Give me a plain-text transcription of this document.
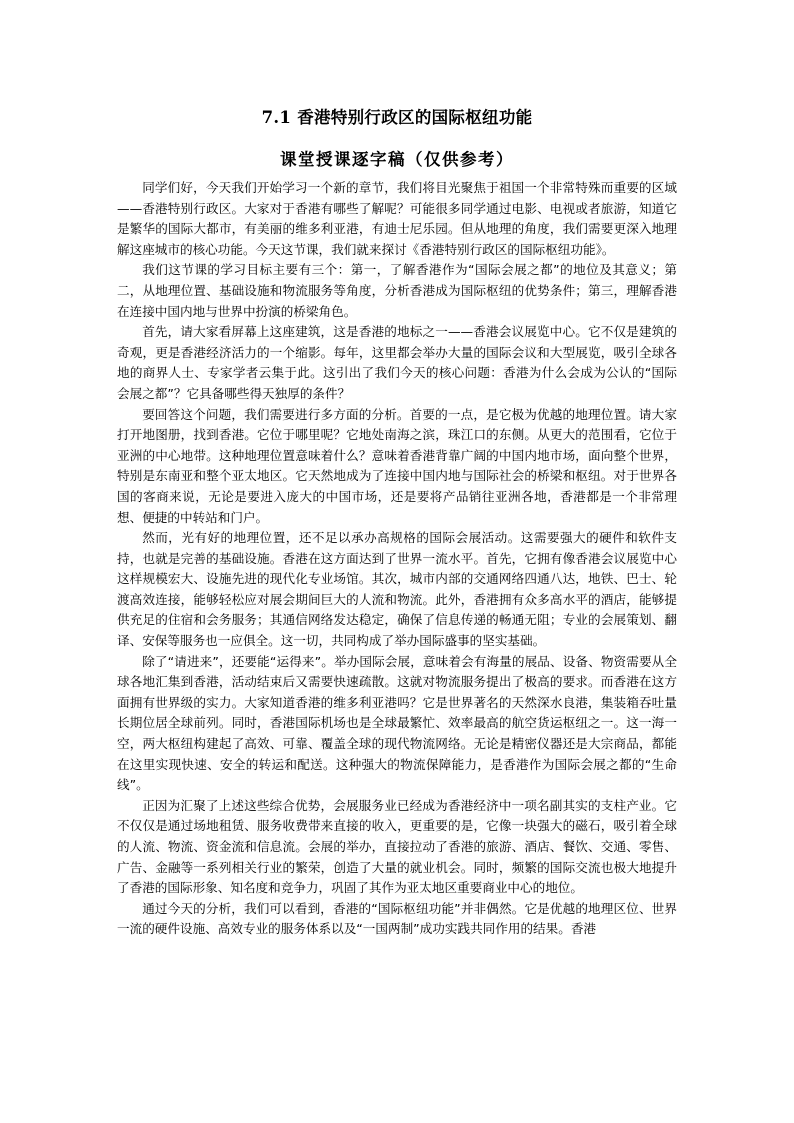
7.1 香港特别行政区的国际枢纽功能
课堂授课逐字稿（仅供参考）

同学们好，今天我们开始学习一个新的章节，我们将目光聚焦于祖国一个非常特殊而重要的区域——香港特别行政区。大家对于香港有哪些了解呢？可能很多同学通过电影、电视或者旅游，知道它是繁华的国际大都市，有美丽的维多利亚港，有迪士尼乐园。但从地理的角度，我们需要更深入地理解这座城市的核心功能。今天这节课，我们就来探讨《香港特别行政区的国际枢纽功能》。

我们这节课的学习目标主要有三个：第一，了解香港作为“国际会展之都”的地位及其意义；第二，从地理位置、基础设施和物流服务等角度，分析香港成为国际枢纽的优势条件；第三，理解香港在连接中国内地与世界中扮演的桥梁角色。

首先，请大家看屏幕上这座建筑，这是香港的地标之一——香港会议展览中心。它不仅是建筑的奇观，更是香港经济活力的一个缩影。每年，这里都会举办大量的国际会议和大型展览，吸引全球各地的商界人士、专家学者云集于此。这引出了我们今天的核心问题：香港为什么会成为公认的“国际会展之都”？它具备哪些得天独厚的条件？

要回答这个问题，我们需要进行多方面的分析。首要的一点，是它极为优越的地理位置。请大家打开地图册，找到香港。它位于哪里呢？它地处南海之滨，珠江口的东侧。从更大的范围看，它位于亚洲的中心地带。这种地理位置意味着什么？意味着香港背靠广阔的中国内地市场，面向整个世界，特别是东南亚和整个亚太地区。它天然地成为了连接中国内地与国际社会的桥梁和枢纽。对于世界各国的客商来说，无论是要进入庞大的中国市场，还是要将产品销往亚洲各地，香港都是一个非常理想、便捷的中转站和门户。

然而，光有好的地理位置，还不足以承办高规格的国际会展活动。这需要强大的硬件和软件支持，也就是完善的基础设施。香港在这方面达到了世界一流水平。首先，它拥有像香港会议展览中心这样规模宏大、设施先进的现代化专业场馆。其次，城市内部的交通网络四通八达，地铁、巴士、轮渡高效连接，能够轻松应对展会期间巨大的人流和物流。此外，香港拥有众多高水平的酒店，能够提供充足的住宿和会务服务；其通信网络发达稳定，确保了信息传递的畅通无阻；专业的会展策划、翻译、安保等服务也一应俱全。这一切，共同构成了举办国际盛事的坚实基础。

除了“请进来”，还要能“运得来”。举办国际会展，意味着会有海量的展品、设备、物资需要从全球各地汇集到香港，活动结束后又需要快速疏散。这就对物流服务提出了极高的要求。而香港在这方面拥有世界级的实力。大家知道香港的维多利亚港吗？它是世界著名的天然深水良港，集装箱吞吐量长期位居全球前列。同时，香港国际机场也是全球最繁忙、效率最高的航空货运枢纽之一。这一海一空，两大枢纽构建起了高效、可靠、覆盖全球的现代物流网络。无论是精密仪器还是大宗商品，都能在这里实现快速、安全的转运和配送。这种强大的物流保障能力，是香港作为国际会展之都的“生命线”。

正因为汇聚了上述这些综合优势，会展服务业已经成为香港经济中一项名副其实的支柱产业。它不仅仅是通过场地租赁、服务收费带来直接的收入，更重要的是，它像一块强大的磁石，吸引着全球的人流、物流、资金流和信息流。会展的举办，直接拉动了香港的旅游、酒店、餐饮、交通、零售、广告、金融等一系列相关行业的繁荣，创造了大量的就业机会。同时，频繁的国际交流也极大地提升了香港的国际形象、知名度和竞争力，巩固了其作为亚太地区重要商业中心的地位。

通过今天的分析，我们可以看到，香港的“国际枢纽功能”并非偶然。它是优越的地理区位、世界一流的硬件设施、高效专业的服务体系以及“一国两制”成功实践共同作用的结果。香港
